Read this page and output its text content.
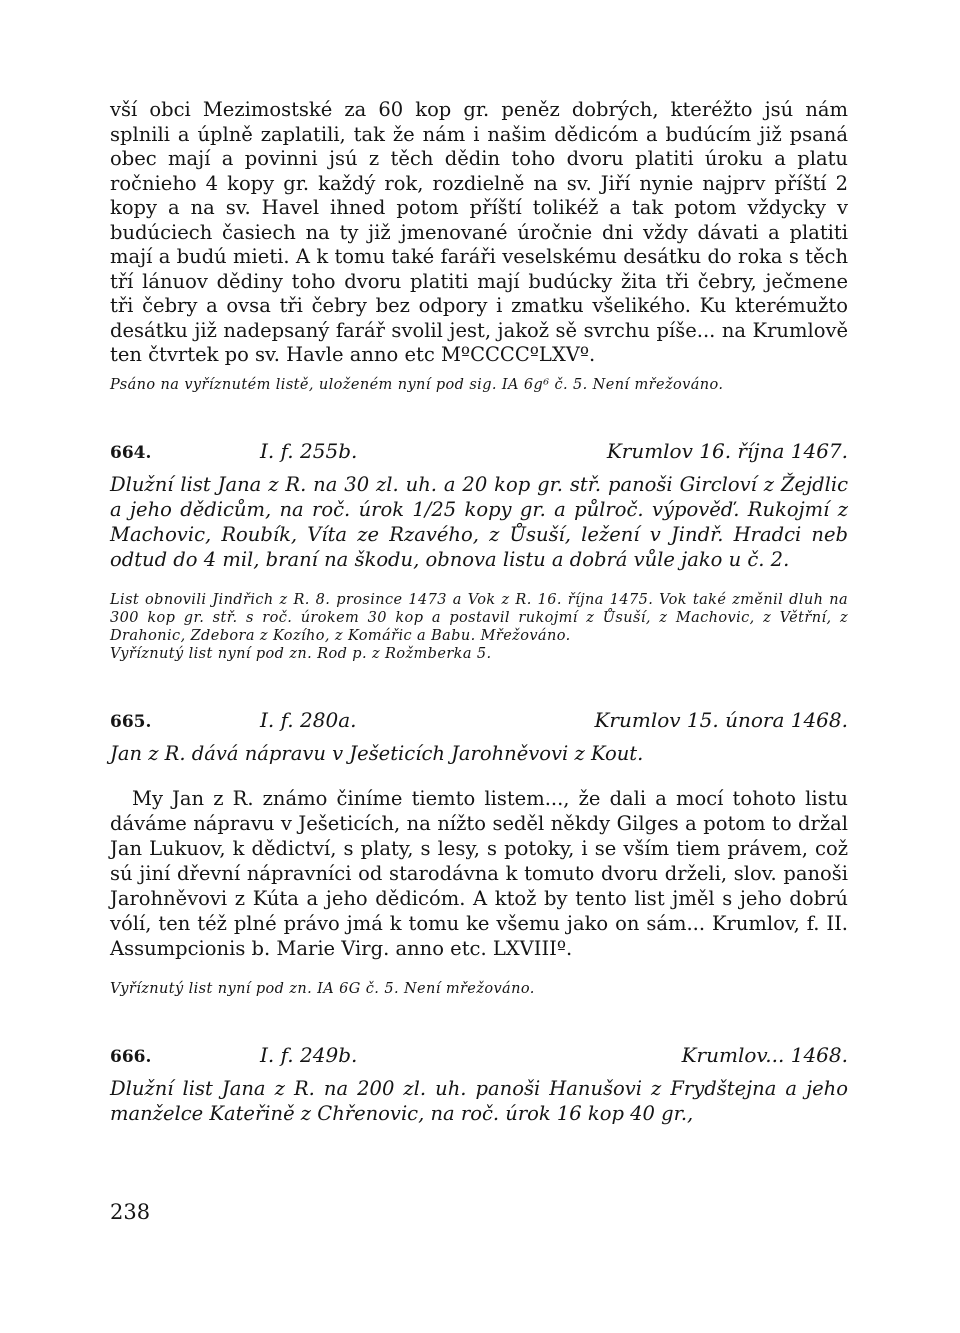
vší obci Mezimostské za 60 kop gr. peněz dobrých, kteréžto jsú nám splnili a úplně zaplatili, tak že nám i našim dědicóm a budúcím již psaná obec mají a povinni jsú z těch dědin toho dvoru platiti úroku a platu ročnieho 4 kopy gr. každý rok, rozdielně na sv. Jiří nynie najprv příští 2 kopy a na sv. Havel ihned potom příští tolikéž a tak potom vždycky v budúciech časiech na ty již jmenované úročnie dni vždy dávati a platiti mají a budú mieti. A k tomu také faráři veselskému desátku do roka s těch tří lánuov dědiny toho dvoru platiti mají budúcky žita tři čebry, ječmene tři čebry a ovsa tři čebry bez odpory i zmatku všelikého. Ku kterémužto desátku již nadepsaný farář svolil jest, jakož sě svrchu píše... na Krumlově ten čtvrtek po sv. Havle anno etc MºCCCCºLXVº.

Psáno na vyříznutém listě, uloženém nyní pod sig. IA 6g⁶ č. 5. Není mřežováno.

664.	I. f. 255b.	Krumlov 16. října 1467.

Dlužní list Jana z R. na 30 zl. uh. a 20 kop gr. stř. panoši Gircloví z Žejdlic a jeho dědicům, na roč. úrok 1/25 kopy gr. a půlroč. výpověď. Rukojmí z Machovic, Roubík, Víta ze Rzavého, z Ůsuší, ležení v Jindř. Hradci neb odtud do 4 mil, braní na škodu, obnova listu a dobrá vůle jako u č. 2.

List obnovili Jindřich z R. 8. prosince 1473 a Vok z R. 16. října 1475. Vok také změnil dluh na 300 kop gr. stř. s roč. úrokem 30 kop a postavil rukojmí z Ůsuší, z Machovic, z Větřní, z Drahonic, Zdebora z Kozího, z Komářic a Babu. Mřežováno.

Vyříznutý list nyní pod zn. Rod p. z Rožmberka 5.

665.	I. f. 280a.	Krumlov 15. února 1468.

Jan z R. dává nápravu v Ješeticích Jarohněvovi z Kout.

My Jan z R. známo činíme tiemto listem..., že dali a mocí tohoto listu dáváme nápravu v Ješeticích, na nížto seděl někdy Gilges a potom to držal Jan Lukuov, k dědictví, s platy, s lesy, s potoky, i se vším tiem právem, což sú jiní dřevní nápravníci od starodávna k tomuto dvoru drželi, slov. panoši Jarohněvovi z Kúta a jeho dědicóm. A ktož by tento list jměl s jeho dobrú vólí, ten též plné právo jmá k tomu ke všemu jako on sám... Krumlov, f. II. Assumpcionis b. Marie Virg. anno etc. LXVIIIº.

Vyříznutý list nyní pod zn. IA 6G č. 5. Není mřežováno.

666.	I. f. 249b.	Krumlov... 1468.

Dlužní list Jana z R. na 200 zl. uh. panoši Hanušovi z Frydštejna a jeho manželce Kateřině z Chřenovic, na roč. úrok 16 kop 40 gr.,

238
